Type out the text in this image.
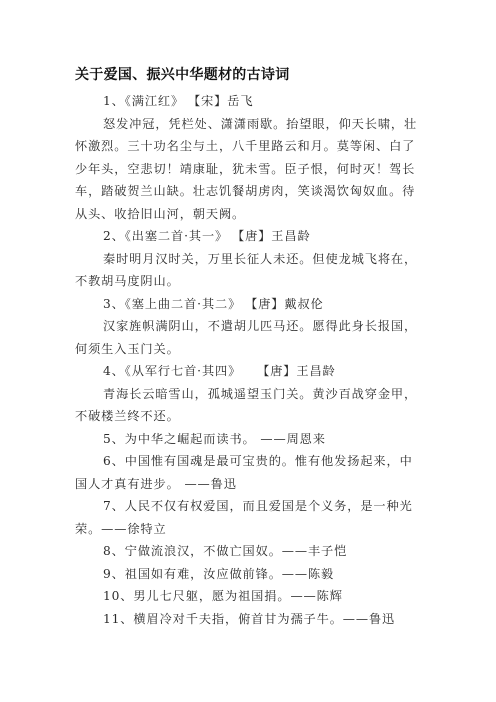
关于爱国、振兴中华题材的古诗词

1、《满江红》 【宋】岳飞

怒发冲冠，凭栏处、潇潇雨歇。抬望眼，仰天长啸，壮怀激烈。三十功名尘与土，八千里路云和月。莫等闲、白了少年头，空悲切！靖康耻，犹未雪。臣子恨，何时灭！驾长车，踏破贺兰山缺。壮志饥餐胡虏肉，笑谈渴饮匈奴血。待从头、收拾旧山河，朝天阙。

2、《出塞二首·其一》 【唐】王昌龄

秦时明月汉时关，万里长征人未还。但使龙城飞将在，不教胡马度阴山。

3、《塞上曲二首·其二》 【唐】戴叔伦

汉家旌帜满阴山，不遣胡儿匹马还。愿得此身长报国，何须生入玉门关。

4、《从军行七首·其四》 【唐】王昌龄

青海长云暗雪山，孤城遥望玉门关。黄沙百战穿金甲，不破楼兰终不还。

5、为中华之崛起而读书。 ——周恩来

6、中国惟有国魂是最可宝贵的。惟有他发扬起来，中国人才真有进步。 ——鲁迅

7、人民不仅有权爱国，而且爱国是个义务，是一种光荣。——徐特立

8、宁做流浪汉，不做亡国奴。——丰子恺

9、祖国如有难，汝应做前锋。——陈毅

10、男儿七尺躯，愿为祖国捐。——陈辉

11、横眉冷对千夫指，俯首甘为孺子牛。——鲁迅
